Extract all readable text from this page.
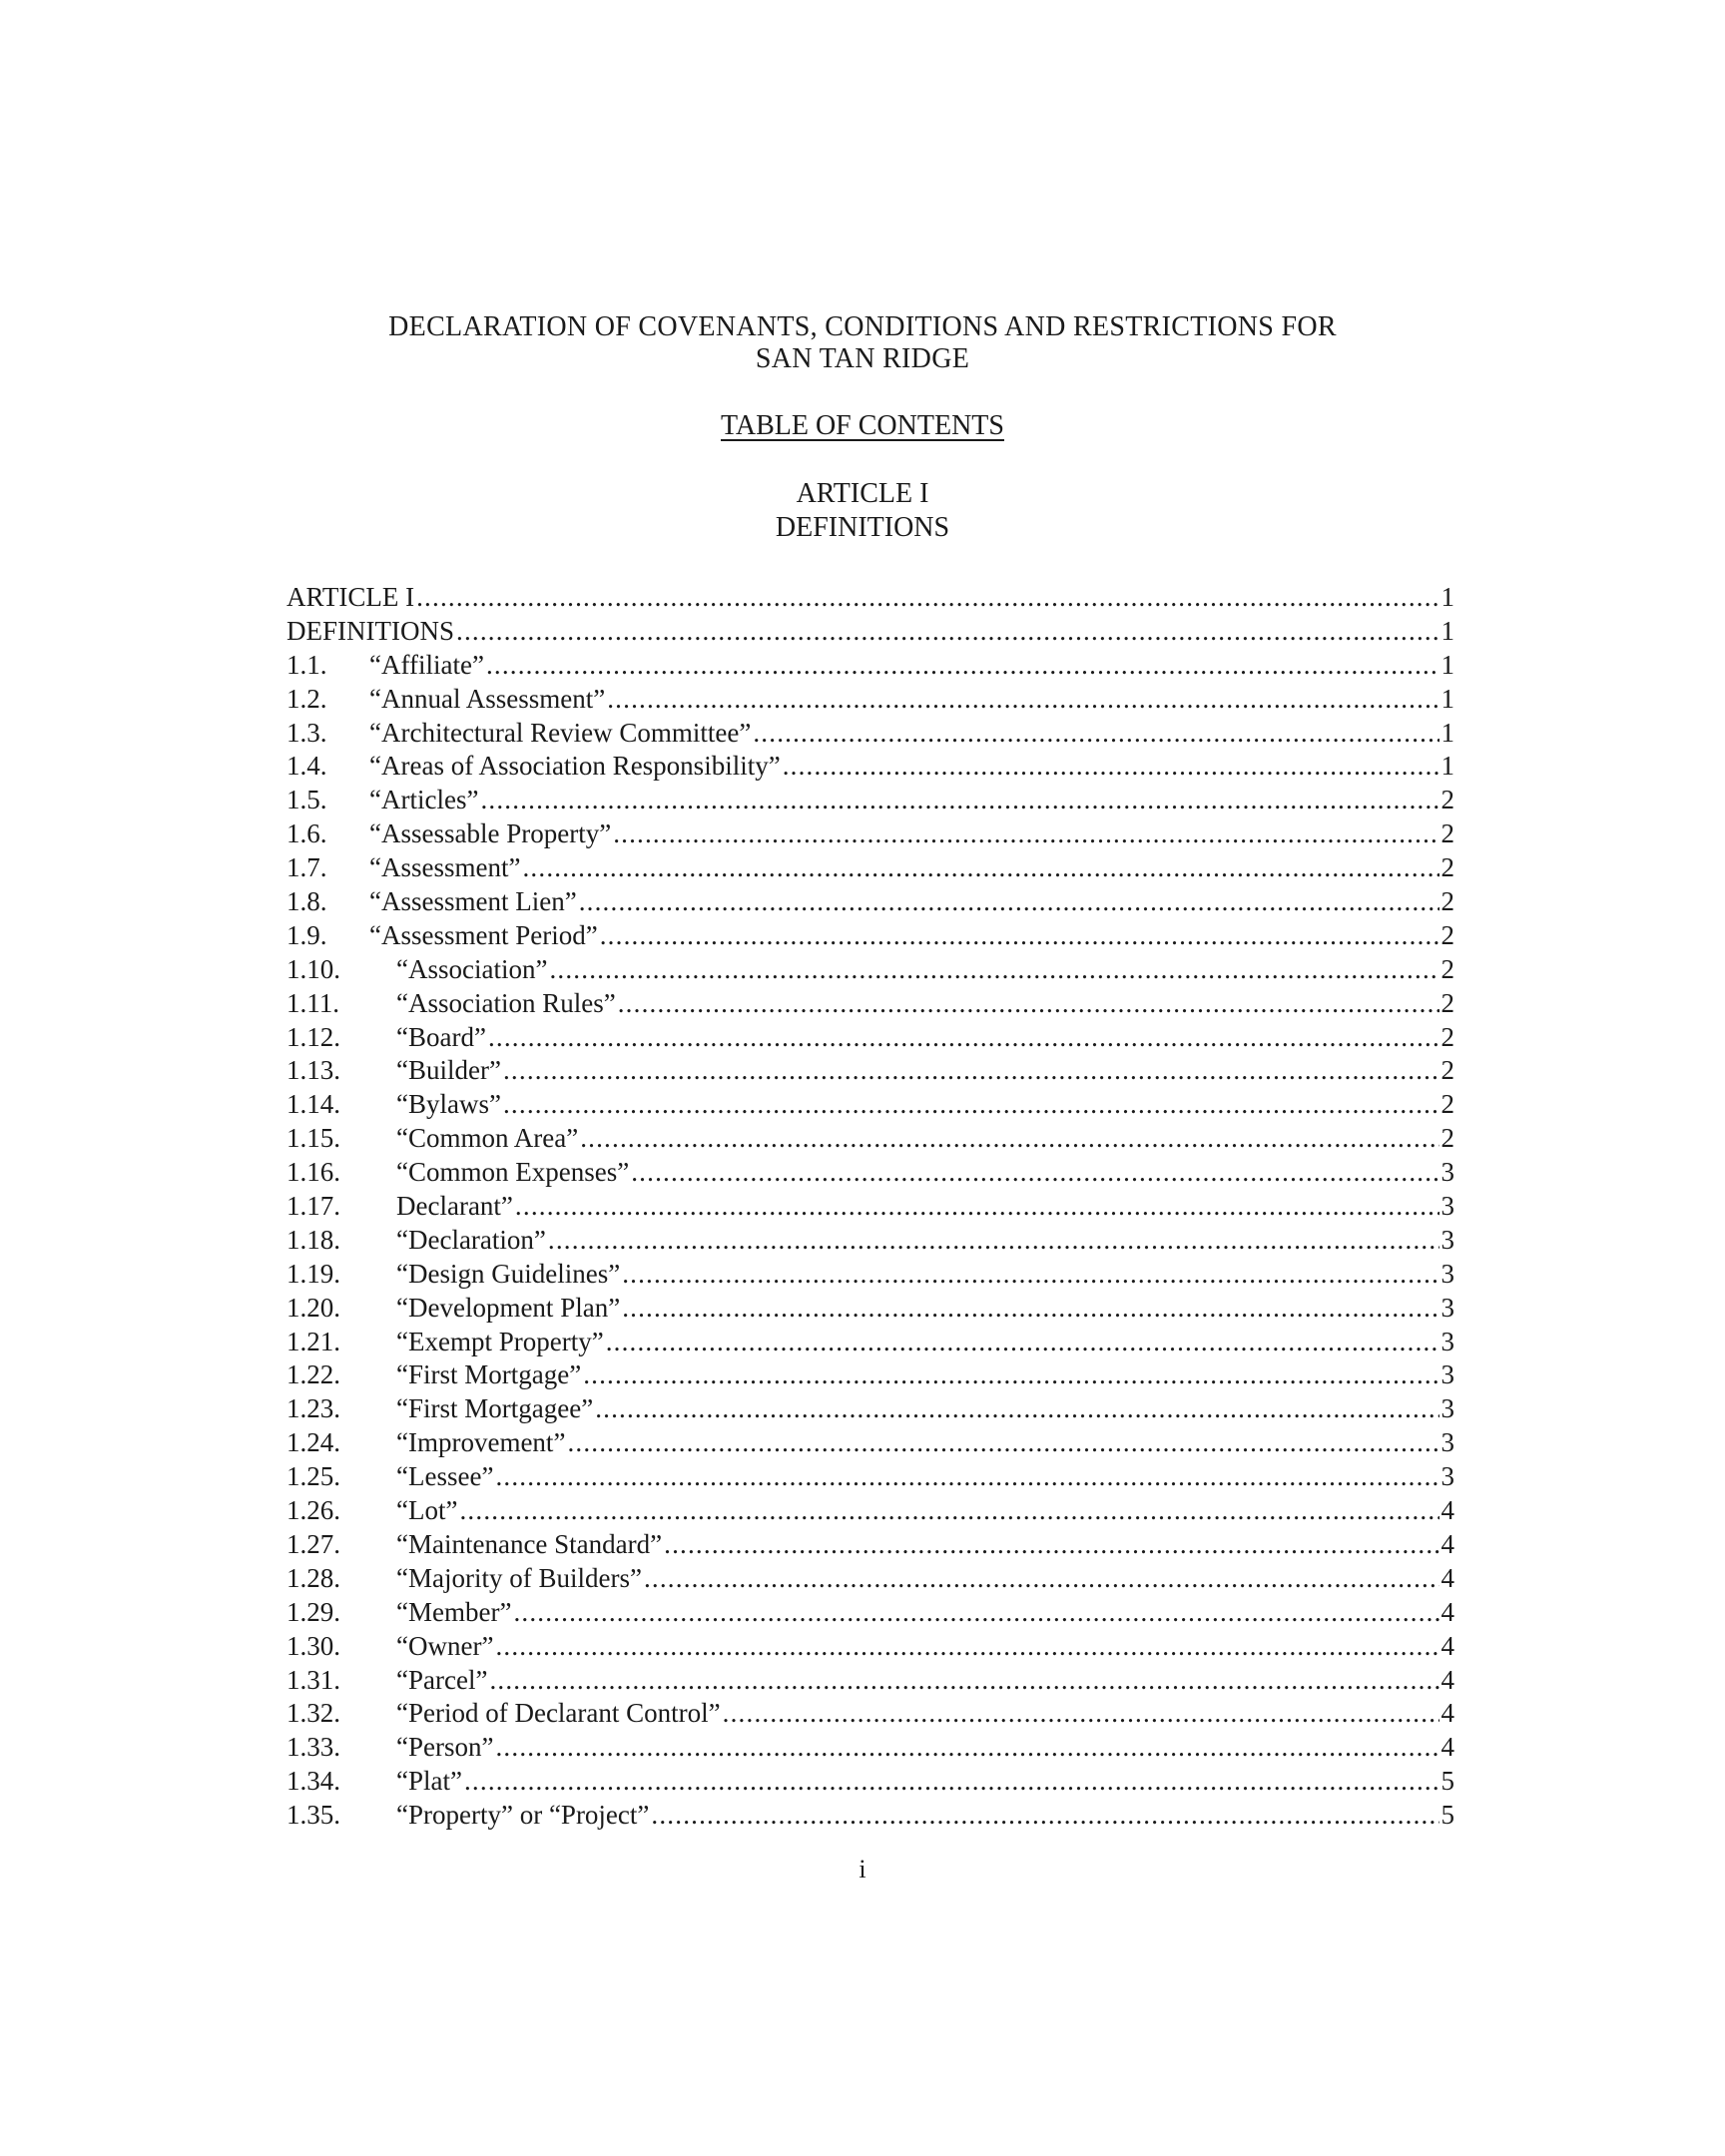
DECLARATION OF COVENANTS, CONDITIONS AND RESTRICTIONS FOR
SAN TAN RIDGE
TABLE OF CONTENTS
ARTICLE I
DEFINITIONS
ARTICLE I .....	1
DEFINITIONS .....	1
1.1.	“Affiliate” .....	1
1.2.	“Annual Assessment” .....	1
1.3.	“Architectural Review Committee” .....	1
1.4.	“Areas of Association Responsibility” .....	1
1.5.	“Articles” .....	2
1.6.	“Assessable Property” .....	2
1.7.	“Assessment” .....	2
1.8.	“Assessment Lien” .....	2
1.9.	“Assessment Period” .....	2
1.10.	“Association” .....	2
1.11.	“Association Rules” .....	2
1.12.	“Board” .....	2
1.13.	“Builder” .....	2
1.14.	“Bylaws” .....	2
1.15.	“Common Area” .....	2
1.16.	“Common Expenses” .....	3
1.17.	Declarant” .....	3
1.18.	“Declaration” .....	3
1.19.	“Design Guidelines” .....	3
1.20.	“Development Plan” .....	3
1.21.	“Exempt Property” .....	3
1.22.	“First Mortgage” .....	3
1.23.	“First Mortgagee” .....	3
1.24.	“Improvement” .....	3
1.25.	“Lessee” .....	3
1.26.	“Lot” .....	4
1.27.	“Maintenance Standard” .....	4
1.28.	“Majority of Builders” .....	4
1.29.	“Member” .....	4
1.30.	“Owner” .....	4
1.31.	“Parcel” .....	4
1.32.	“Period of Declarant Control” .....	4
1.33.	“Person” .....	4
1.34.	“Plat” .....	5
1.35.	“Property” or “Project” .....	5
i
